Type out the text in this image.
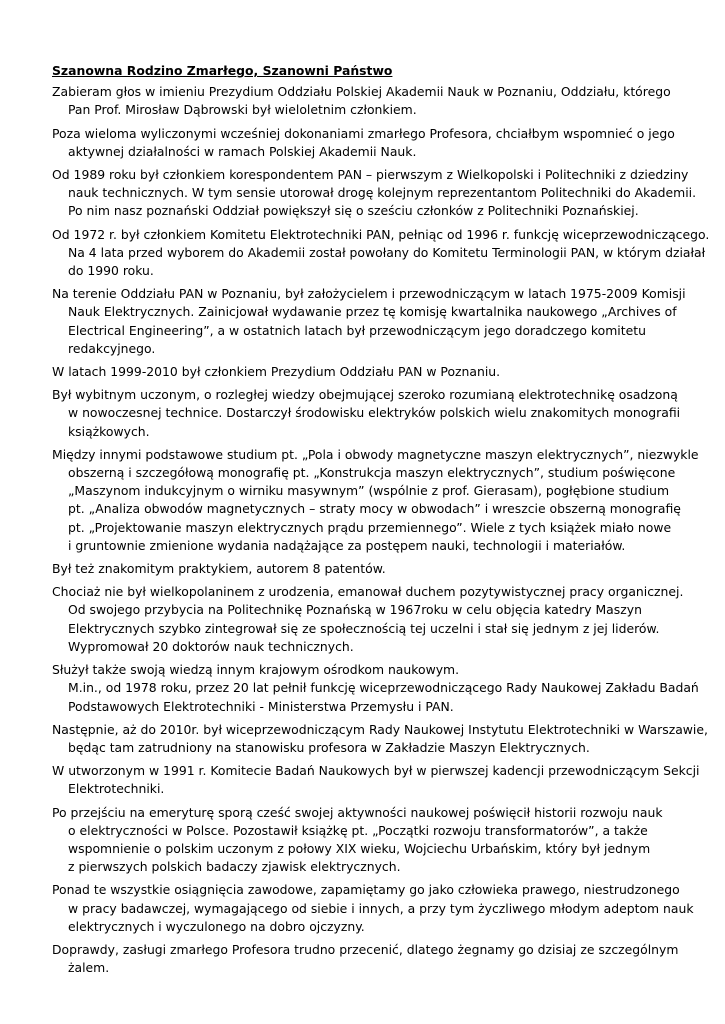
Szanowna Rodzino Zmarłego, Szanowni Państwo
Zabieram głos w imieniu Prezydium Oddziału Polskiej Akademii Nauk w Poznaniu, Oddziału, którego
Pan Prof. Mirosław Dąbrowski był wieloletnim członkiem.
Poza wieloma wyliczonymi wcześniej dokonaniami zmarłego Profesora, chciałbym wspomnieć o jego
aktywnej działalności w ramach Polskiej Akademii Nauk.
Od 1989 roku był członkiem korespondentem PAN – pierwszym z Wielkopolski i Politechniki z dziedziny
nauk technicznych. W tym sensie utorował drogę kolejnym reprezentantom Politechniki do Akademii.
Po nim nasz poznański Oddział powiększył się o sześciu członków z Politechniki Poznańskiej.
Od 1972 r. był członkiem Komitetu Elektrotechniki PAN, pełniąc od 1996 r. funkcję wiceprzewodniczącego.
Na 4 lata przed wyborem do Akademii został powołany do Komitetu Terminologii PAN, w którym działał
do 1990 roku.
Na terenie Oddziału PAN w Poznaniu, był założycielem i przewodniczącym w latach 1975-2009 Komisji
Nauk Elektrycznych. Zainicjował wydawanie przez tę komisję kwartalnika naukowego „Archives of
Electrical Engineering”, a w ostatnich latach był przewodniczącym jego doradczego komitetu
redakcyjnego.
W latach 1999-2010 był członkiem Prezydium Oddziału PAN w Poznaniu.
Był wybitnym uczonym, o rozległej wiedzy obejmującej szeroko rozumianą elektrotechnikę osadzoną
w nowoczesnej technice. Dostarczył środowisku elektryków polskich wielu znakomitych monografii
książkowych.
Między innymi podstawowe studium pt. „Pola i obwody magnetyczne maszyn elektrycznych”, niezwykle
obszerną i szczegółową monografię pt. „Konstrukcja maszyn elektrycznych”, studium poświęcone
„Maszynom indukcyjnym o wirniku masywnym” (wspólnie z prof. Gierasam), pogłębione studium
pt. „Analiza obwodów magnetycznych – straty mocy w obwodach” i wreszcie obszerną monografię
pt. „Projektowanie maszyn elektrycznych prądu przemiennego”. Wiele z tych książek miało nowe
i gruntownie zmienione wydania nadążające za postępem nauki, technologii i materiałów.
Był też znakomitym praktykiem, autorem 8 patentów.
Chociaż nie był wielkopolaninem z urodzenia, emanował duchem pozytywistycznej pracy organicznej.
Od swojego przybycia na Politechnikę Poznańską w 1967roku w celu objęcia katedry Maszyn
Elektrycznych szybko zintegrował się ze społecznością tej uczelni i stał się jednym z jej liderów.
Wypromował 20 doktorów nauk technicznych.
Służył także swoją wiedzą innym krajowym ośrodkom naukowym.
M.in., od 1978 roku, przez 20 lat pełnił funkcję wiceprzewodniczącego Rady Naukowej Zakładu Badań
Podstawowych Elektrotechniki - Ministerstwa Przemysłu i PAN.
Następnie, aż do 2010r. był wiceprzewodniczącym Rady Naukowej Instytutu Elektrotechniki w Warszawie,
będąc tam zatrudniony na stanowisku profesora w Zakładzie Maszyn Elektrycznych.
W utworzonym w 1991 r. Komitecie Badań Naukowych był w pierwszej kadencji przewodniczącym Sekcji
Elektrotechniki.
Po przejściu na emeryturę sporą cześć swojej aktywności naukowej poświęcił historii rozwoju nauk
o elektryczności w Polsce. Pozostawił książkę pt. „Początki rozwoju transformatorów”, a także
wspomnienie o polskim uczonym z połowy XIX wieku, Wojciechu Urbańskim, który był jednym
z pierwszych polskich badaczy zjawisk elektrycznych.
Ponad te wszystkie osiągnięcia zawodowe, zapamiętamy go jako człowieka prawego, niestrudzonego
w pracy badawczej, wymagającego od siebie i innych, a przy tym życzliwego młodym adeptom nauk
elektrycznych i wyczulonego na dobro ojczyzny.
Doprawdy, zasługi zmarłego Profesora trudno przecenić, dlatego żegnamy go dzisiaj ze szczególnym
żalem.
